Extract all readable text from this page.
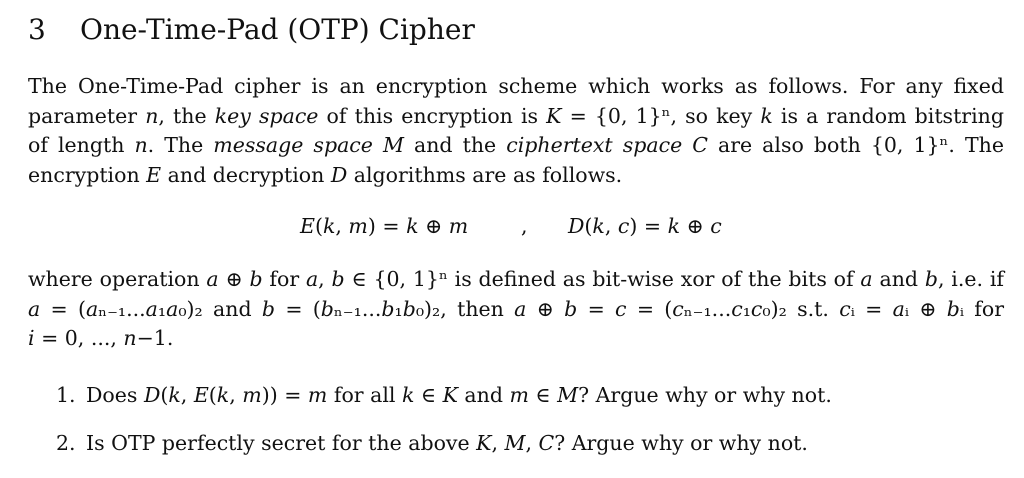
3 One-Time-Pad (OTP) Cipher
The One-Time-Pad cipher is an encryption scheme which works as follows. For any fixed
parameter 𝑛, the 𝑘𝑒𝑦 𝑠𝑝𝑎𝑐𝑒 of this encryption is 𝐾 = {0, 1}ⁿ, so key 𝑘 is a random bitstring
of length 𝑛. The 𝑚𝑒𝑠𝑠𝑎𝑔𝑒 𝑠𝑝𝑎𝑐𝑒 𝑀 and the 𝑐𝑖𝑝ℎ𝑒𝑟𝑡𝑒𝑥𝑡 𝑠𝑝𝑎𝑐𝑒 𝐶 are also both {0, 1}ⁿ. The
encryption 𝐸 and decryption 𝐷 algorithms are as follows.
𝐸(𝑘, 𝑚) = 𝑘 ⊕ 𝑚	, 𝐷(𝑘, 𝑐) = 𝑘 ⊕ 𝑐
where operation 𝑎 ⊕ 𝑏 for 𝑎, 𝑏 ∈ {0, 1}ⁿ is defined as bit-wise xor of the bits of 𝑎 and 𝑏, i.e. if
𝑎 = (𝑎ₙ₋₁...𝑎₁𝑎₀)₂ and 𝑏 = (𝑏ₙ₋₁...𝑏₁𝑏₀)₂, then 𝑎 ⊕ 𝑏 = 𝑐 = (𝑐ₙ₋₁...𝑐₁𝑐₀)₂ s.t. 𝑐ᵢ = 𝑎ᵢ ⊕ 𝑏ᵢ for
𝑖 = 0, ..., 𝑛−1.
1. Does 𝐷(𝑘, 𝐸(𝑘, 𝑚)) = 𝑚 for all 𝑘 ∈ 𝐾 and 𝑚 ∈ 𝑀? Argue why or why not.
2. Is OTP perfectly secret for the above 𝐾, 𝑀, 𝐶? Argue why or why not.
